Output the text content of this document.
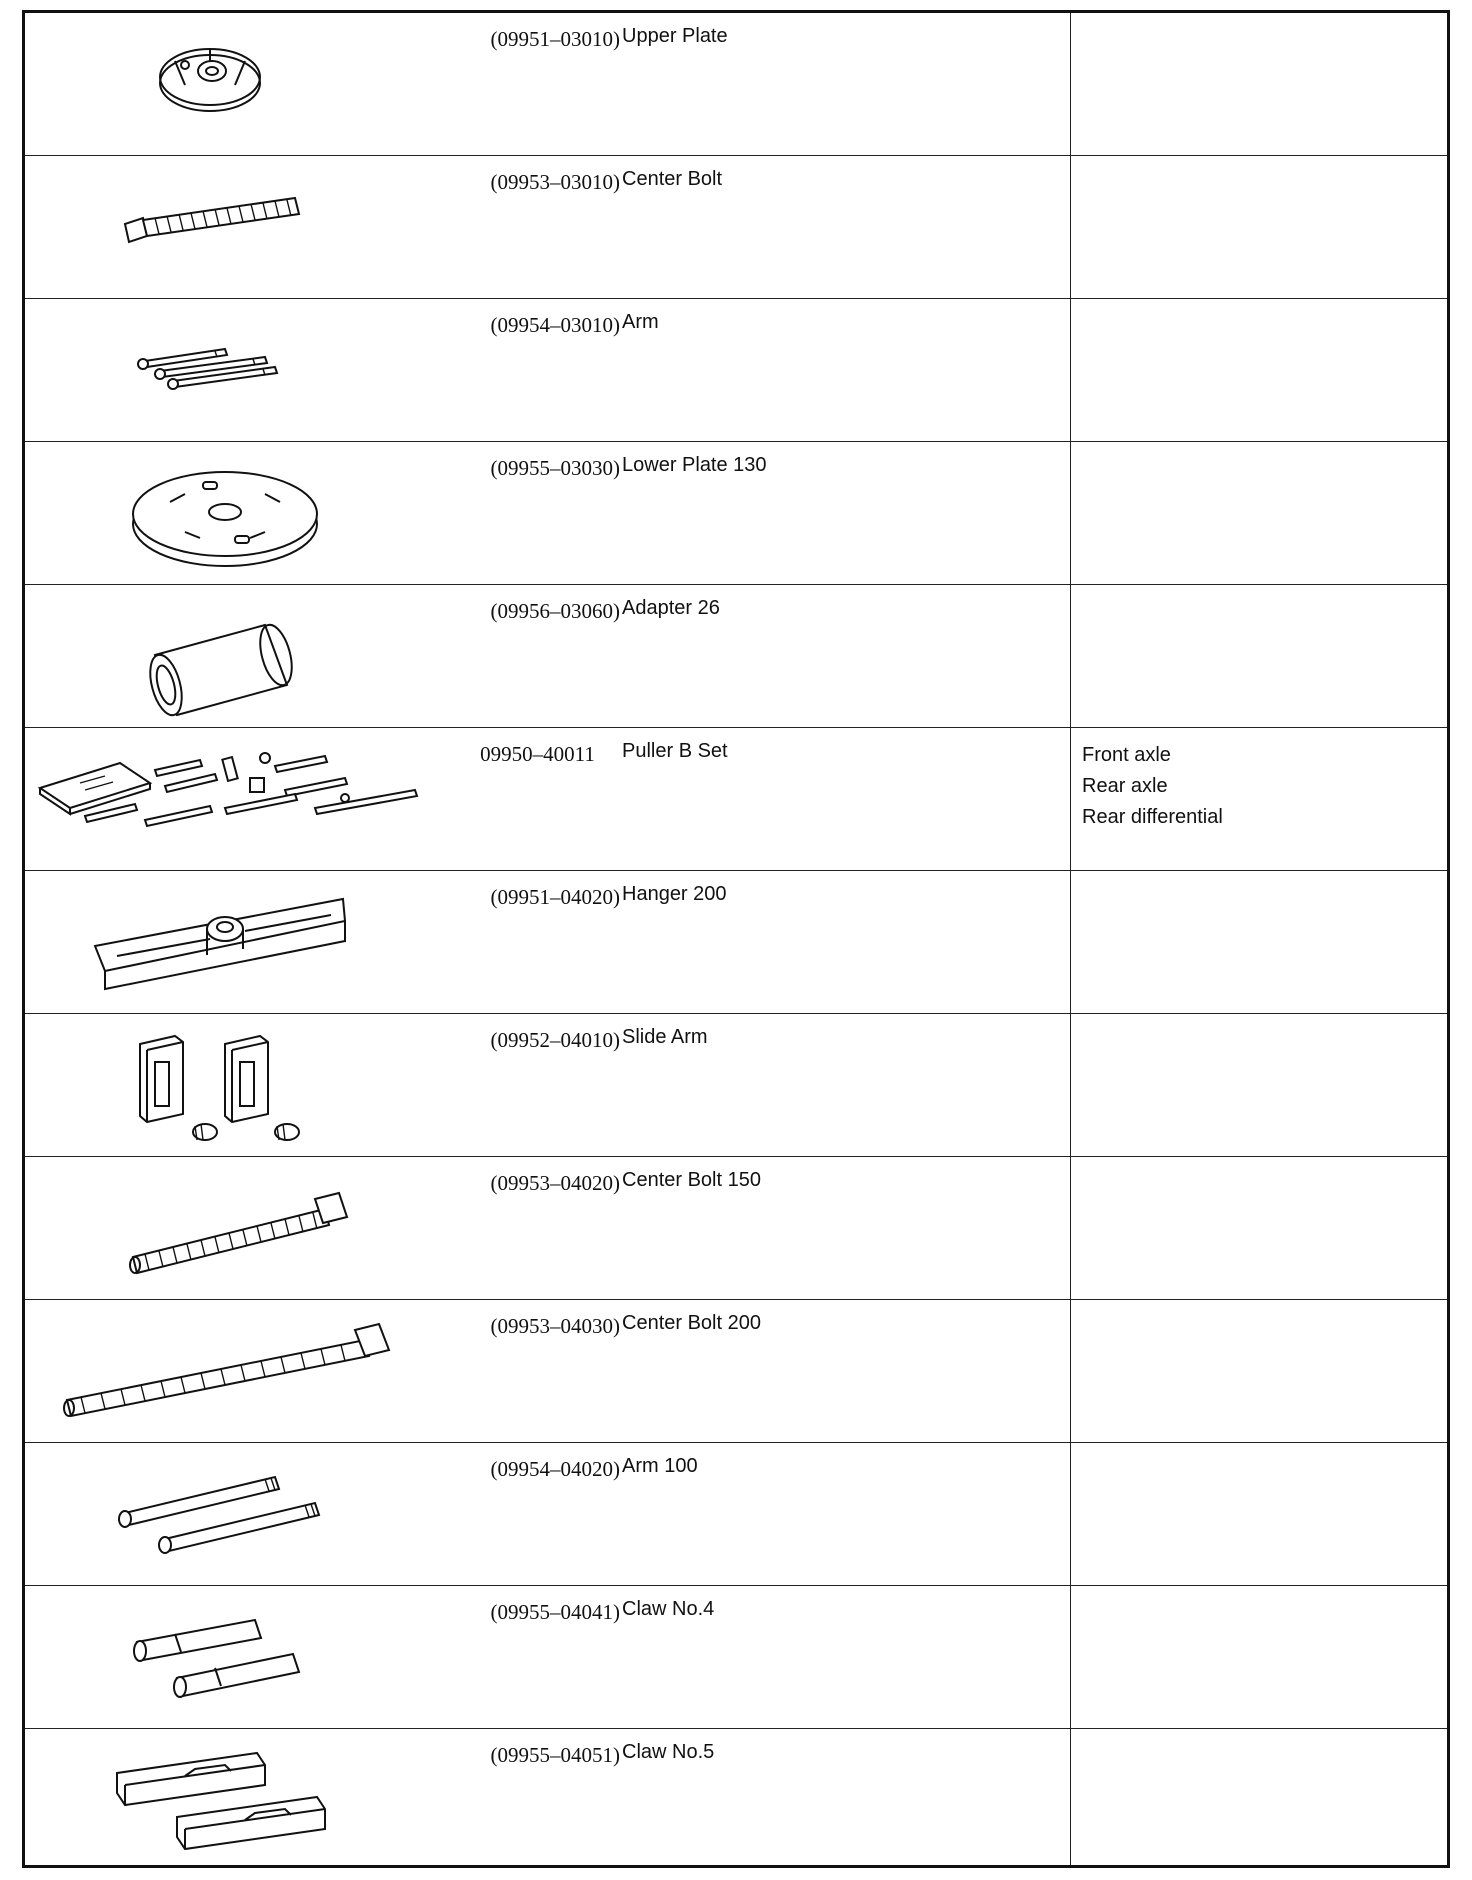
(09951–03010) Upper Plate
(09953–03010) Center Bolt
(09954–03010) Arm
(09955–03030) Lower Plate 130
(09956–03060) Adapter 26
09950–40011	Puller B Set	Front axle
Rear axle
Rear differential
(09951–04020) Hanger 200
(09952–04010) Slide Arm
(09953–04020) Center Bolt 150
(09953–04030) Center Bolt 200
(09954–04020) Arm 100
(09955–04041) Claw No.4
(09955–04051) Claw No.5
